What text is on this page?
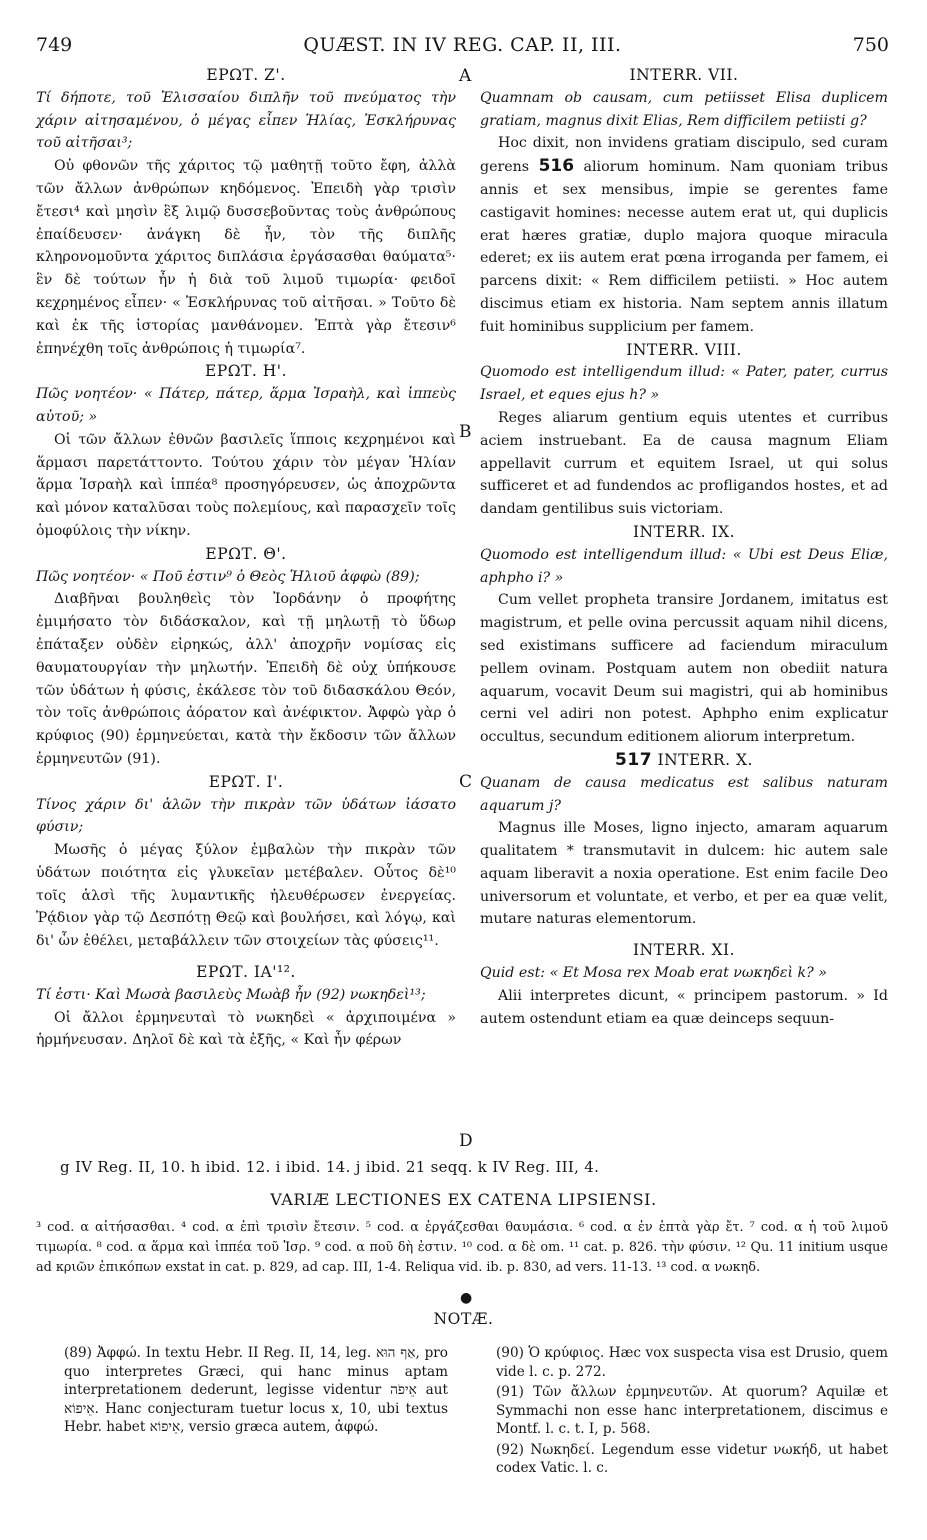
749	QUÆST. IN IV REG. CAP. II, III.	750
A
B
C
D

ΕΡΩΤ. Ζ'.

Τί δήποτε, τοῦ Ἐλισσαίου διπλῆν τοῦ πνεύματος τὴν χάριν αἰτησαμένου, ὁ μέγας εἶπεν Ἡλίας, Ἐσκλήρυνας τοῦ αἰτῆσαι³;

Οὐ φθονῶν τῆς χάριτος τῷ μαθητῇ τοῦτο ἔφη, ἀλλὰ τῶν ἄλλων ἀνθρώπων κηδόμενος. Ἐπειδὴ γὰρ τρισὶν ἔτεσι⁴ καὶ μησὶν ἓξ λιμῷ δυσσεβοῦντας τοὺς ἀνθρώπους ἐπαίδευσεν· ἀνάγκη δὲ ἦν, τὸν τῆς διπλῆς κληρονομοῦντα χάριτος διπλάσια ἐργάσασθαι θαύματα⁵· ἓν δὲ τούτων ἦν ἡ διὰ τοῦ λιμοῦ τιμωρία· φειδοῖ κεχρημένος εἶπεν· « Ἐσκλήρυνας τοῦ αἰτῆσαι. » Τοῦτο δὲ καὶ ἐκ τῆς ἱστορίας μανθάνομεν. Ἑπτὰ γὰρ ἔτεσιν⁶ ἐπηνέχθη τοῖς ἀνθρώποις ἡ τιμωρία⁷.

ΕΡΩΤ. Η'.

Πῶς νοητέον· « Πάτερ, πάτερ, ἅρμα Ἰσραὴλ, καὶ ἱππεὺς αὐτοῦ; »

Οἱ τῶν ἄλλων ἐθνῶν βασιλεῖς ἵπποις κεχρημένοι καὶ ἅρμασι παρετάττοντο. Τούτου χάριν τὸν μέγαν Ἡλίαν ἅρμα Ἰσραὴλ καὶ ἱππέα⁸ προσηγόρευσεν, ὡς ἀποχρῶντα καὶ μόνον καταλῦσαι τοὺς πολεμίους, καὶ παρασχεῖν τοῖς ὁμοφύλοις τὴν νίκην.

ΕΡΩΤ. Θ'.

Πῶς νοητέον· « Ποῦ ἐστιν⁹ ὁ Θεὸς Ἡλιοῦ ἀφφὼ (89);

Διαβῆναι βουληθεὶς τὸν Ἰορδάνην ὁ προφήτης ἐμιμήσατο τὸν διδάσκαλον, καὶ τῇ μηλωτῇ τὸ ὕδωρ ἐπάταξεν οὐδὲν εἰρηκώς, ἀλλ' ἀποχρῆν νομίσας εἰς θαυματουργίαν τὴν μηλωτήν. Ἐπειδὴ δὲ οὐχ ὑπήκουσε τῶν ὑδάτων ἡ φύσις, ἐκάλεσε τὸν τοῦ διδασκάλου Θεόν, τὸν τοῖς ἀνθρώποις ἀόρατον καὶ ἀνέφικτον. Ἀφφὼ γὰρ ὁ κρύφιος (90) ἑρμηνεύεται, κατὰ τὴν ἔκδοσιν τῶν ἄλλων ἑρμηνευτῶν (91).

ΕΡΩΤ. Ι'.

Τίνος χάριν δι' ἁλῶν τὴν πικρὰν τῶν ὑδάτων ἰάσατο φύσιν;

Μωσῆς ὁ μέγας ξύλον ἐμβαλὼν τὴν πικρὰν τῶν ὑδάτων ποιότητα εἰς γλυκεῖαν μετέβαλεν. Οὗτος δὲ¹⁰ τοῖς ἁλσὶ τῆς λυμαντικῆς ἠλευθέρωσεν ἐνεργείας. Ῥᾴδιον γὰρ τῷ Δεσπότῃ Θεῷ καὶ βουλήσει, καὶ λόγῳ, καὶ δι' ὧν ἐθέλει, μεταβάλλειν τῶν στοιχείων τὰς φύσεις¹¹.

ΕΡΩΤ. ΙΑ'¹².

Τί ἐστι· Καὶ Μωσὰ βασιλεὺς Μωὰβ ἦν (92) νωκηδεὶ¹³;

Οἱ ἄλλοι ἑρμηνευταὶ τὸ νωκηδεὶ « ἀρχιποιμένα » ἡρμήνευσαν. Δηλοῖ δὲ καὶ τὰ ἑξῆς, « Καὶ ἦν φέρων

INTERR. VII.

Quamnam ob causam, cum petiisset Elisa duplicem gratiam, magnus dixit Elias, Rem difficilem petiisti g?

Hoc dixit, non invidens gratiam discipulo, sed curam gerens 516 aliorum hominum. Nam quoniam tribus annis et sex mensibus, impie se gerentes fame castigavit homines: necesse autem erat ut, qui duplicis erat hæres gratiæ, duplo majora quoque miracula ederet; ex iis autem erat pœna irroganda per famem, ei parcens dixit: « Rem difficilem petiisti. » Hoc autem discimus etiam ex historia. Nam septem annis illatum fuit hominibus supplicium per famem.

INTERR. VIII.

Quomodo est intelligendum illud: « Pater, pater, currus Israel, et eques ejus h? »

Reges aliarum gentium equis utentes et curribus aciem instruebant. Ea de causa magnum Eliam appellavit currum et equitem Israel, ut qui solus sufficeret et ad fundendos ac profligandos hostes, et ad dandam gentilibus suis victoriam.

INTERR. IX.

Quomodo est intelligendum illud: « Ubi est Deus Eliæ, aphpho i? »

Cum vellet propheta transire Jordanem, imitatus est magistrum, et pelle ovina percussit aquam nihil dicens, sed existimans sufficere ad faciendum miraculum pellem ovinam. Postquam autem non obediit natura aquarum, vocavit Deum sui magistri, qui ab hominibus cerni vel adiri non potest. Aphpho enim explicatur occultus, secundum editionem aliorum interpretum.

517 INTERR. X.

Quanam de causa medicatus est salibus naturam aquarum j?

Magnus ille Moses, ligno injecto, amaram aquarum qualitatem * transmutavit in dulcem: hic autem sale aquam liberavit a noxia operatione. Est enim facile Deo universorum et voluntate, et verbo, et per ea quæ velit, mutare naturas elementorum.

INTERR. XI.

Quid est: « Et Mosa rex Moab erat νωκηδεὶ k? »

Alii interpretes dicunt, « principem pastorum. » Id autem ostendunt etiam ea quæ deinceps sequun-

g IV Reg. II, 10. h ibid. 12. i ibid. 14. j ibid. 21 seqq. k IV Reg. III, 4.
VARIÆ LECTIONES EX CATENA LIPSIENSI.
³ cod. α αἰτήσασθαι. ⁴ cod. α ἐπὶ τρισὶν ἔτεσιν. ⁵ cod. α ἐργάζεσθαι θαυμάσια. ⁶ cod. α ἐν ἑπτὰ γὰρ ἔτ. ⁷ cod. α ἡ τοῦ λιμοῦ τιμωρία. ⁸ cod. α ἅρμα καὶ ἱππέα τοῦ Ἰσρ. ⁹ cod. α ποῦ δὴ ἐστιν. ¹⁰ cod. α δὲ om. ¹¹ cat. p. 826. τὴν φύσιν. ¹² Qu. 11 initium usque ad κριῶν ἐπικόπων exstat in cat. p. 829, ad cap. III, 1-4. Reliqua vid. ib. p. 830, ad vers. 11-13. ¹³ cod. α νωκηδ.
●
NOTÆ.

(89) Ἀφφώ. In textu Hebr. II Reg. II, 14, leg. אַף הוּא, pro quo interpretes Græci, qui hanc minus aptam interpretationem dederunt, legisse videntur אֵיפֹה aut אֵיפוֹא. Hanc conjecturam tuetur locus x, 10, ubi textus Hebr. habet אֵיפוֹא, versio græca autem, ἀφφώ.

(90) Ὁ κρύφιος. Hæc vox suspecta visa est Drusio, quem vide l. c. p. 272.

(91) Τῶν ἄλλων ἑρμηνευτῶν. At quorum? Aquilæ et Symmachi non esse hanc interpretationem, discimus e Montf. l. c. t. I, p. 568.

(92) Νωκηδεί. Legendum esse videtur νωκήδ, ut habet codex Vatic. l. c.
